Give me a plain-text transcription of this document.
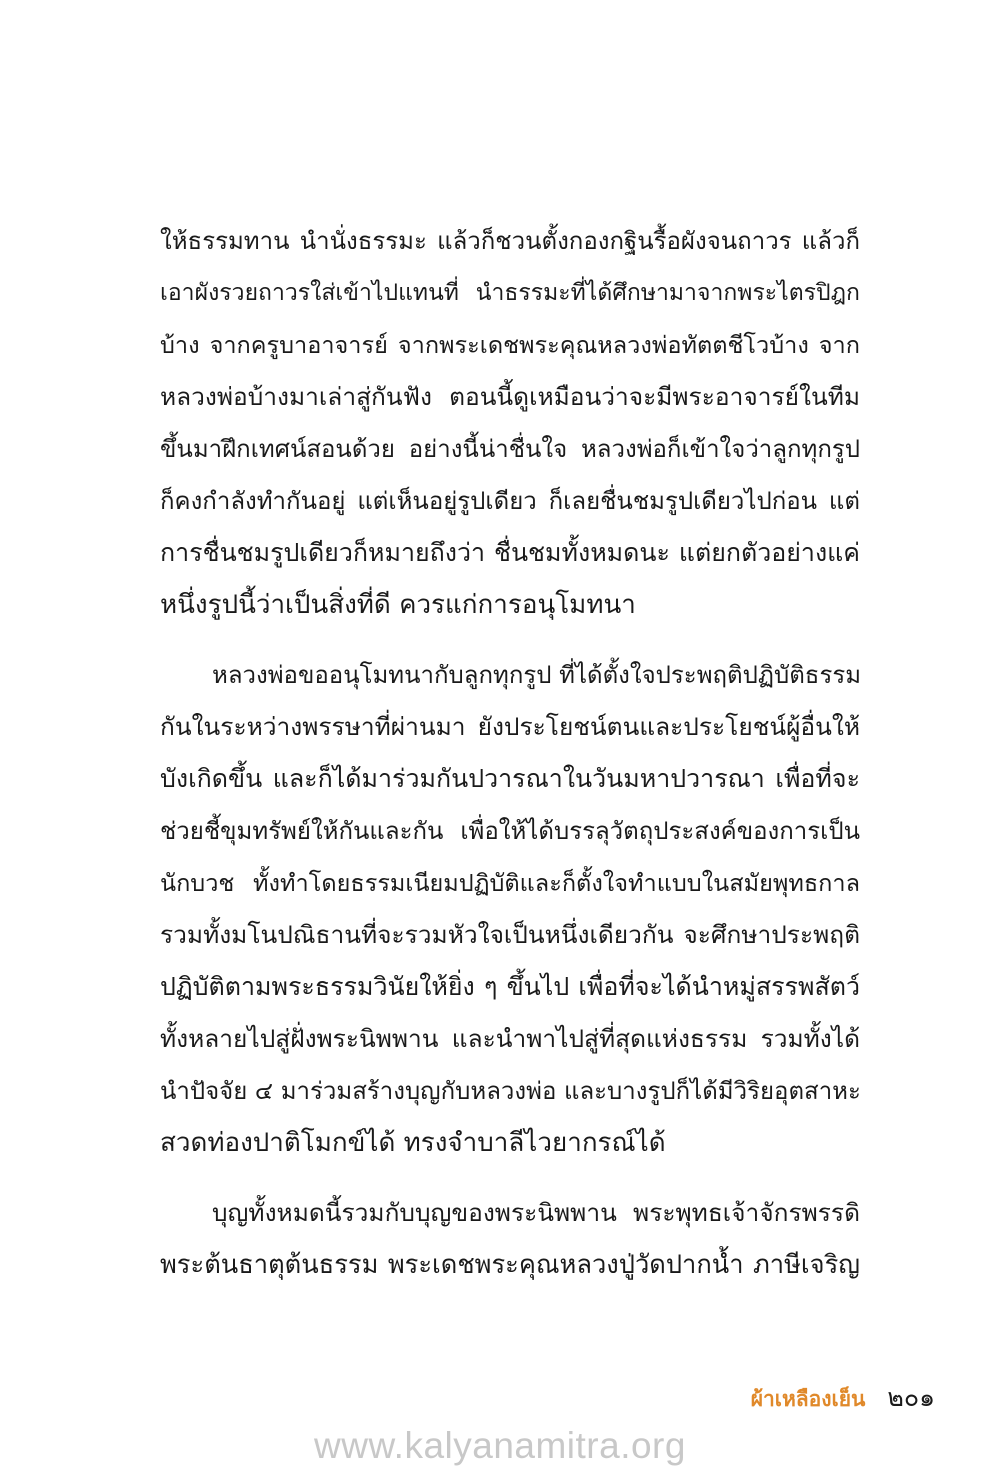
ให้ธรรมทาน นำนั่งธรรมะ แล้วก็ชวนตั้งกองกฐินรื้อผังจนถาวร แล้วก็
เอาผังรวยถาวรใส่เข้าไปแทนที่ นำธรรมะที่ได้ศึกษามาจากพระไตรปิฎก
บ้าง จากครูบาอาจารย์ จากพระเดชพระคุณหลวงพ่อทัตตชีโวบ้าง จาก
หลวงพ่อบ้างมาเล่าสู่กันฟัง ตอนนี้ดูเหมือนว่าจะมีพระอาจารย์ในทีม
ขึ้นมาฝึกเทศน์สอนด้วย อย่างนี้น่าชื่นใจ หลวงพ่อก็เข้าใจว่าลูกทุกรูป
ก็คงกำลังทำกันอยู่ แต่เห็นอยู่รูปเดียว ก็เลยชื่นชมรูปเดียวไปก่อน แต่
การชื่นชมรูปเดียวก็หมายถึงว่า ชื่นชมทั้งหมดนะ แต่ยกตัวอย่างแค่
หนึ่งรูปนี้ว่าเป็นสิ่งที่ดี ควรแก่การอนุโมทนา
หลวงพ่อขออนุโมทนากับลูกทุกรูป ที่ได้ตั้งใจประพฤติปฏิบัติธรรม
กันในระหว่างพรรษาที่ผ่านมา ยังประโยชน์ตนและประโยชน์ผู้อื่นให้
บังเกิดขึ้น และก็ได้มาร่วมกันปวารณาในวันมหาปวารณา เพื่อที่จะ
ช่วยชี้ขุมทรัพย์ให้กันและกัน เพื่อให้ได้บรรลุวัตถุประสงค์ของการเป็น
นักบวช ทั้งทำโดยธรรมเนียมปฏิบัติและก็ตั้งใจทำแบบในสมัยพุทธกาล
รวมทั้งมโนปณิธานที่จะรวมหัวใจเป็นหนึ่งเดียวกัน จะศึกษาประพฤติ
ปฏิบัติตามพระธรรมวินัยให้ยิ่ง ๆ ขึ้นไป เพื่อที่จะได้นำหมู่สรรพสัตว์
ทั้งหลายไปสู่ฝั่งพระนิพพาน และนำพาไปสู่ที่สุดแห่งธรรม รวมทั้งได้
นำปัจจัย ๔ มาร่วมสร้างบุญกับหลวงพ่อ และบางรูปก็ได้มีวิริยอุตสาหะ
สวดท่องปาติโมกข์ได้ ทรงจำบาลีไวยากรณ์ได้
บุญทั้งหมดนี้รวมกับบุญของพระนิพพาน พระพุทธเจ้าจักรพรรดิ
พระต้นธาตุต้นธรรม พระเดชพระคุณหลวงปู่วัดปากน้ำ ภาษีเจริญ
ผ้าเหลืองเย็น ๒๐๑
www.kalyanamitra.org
